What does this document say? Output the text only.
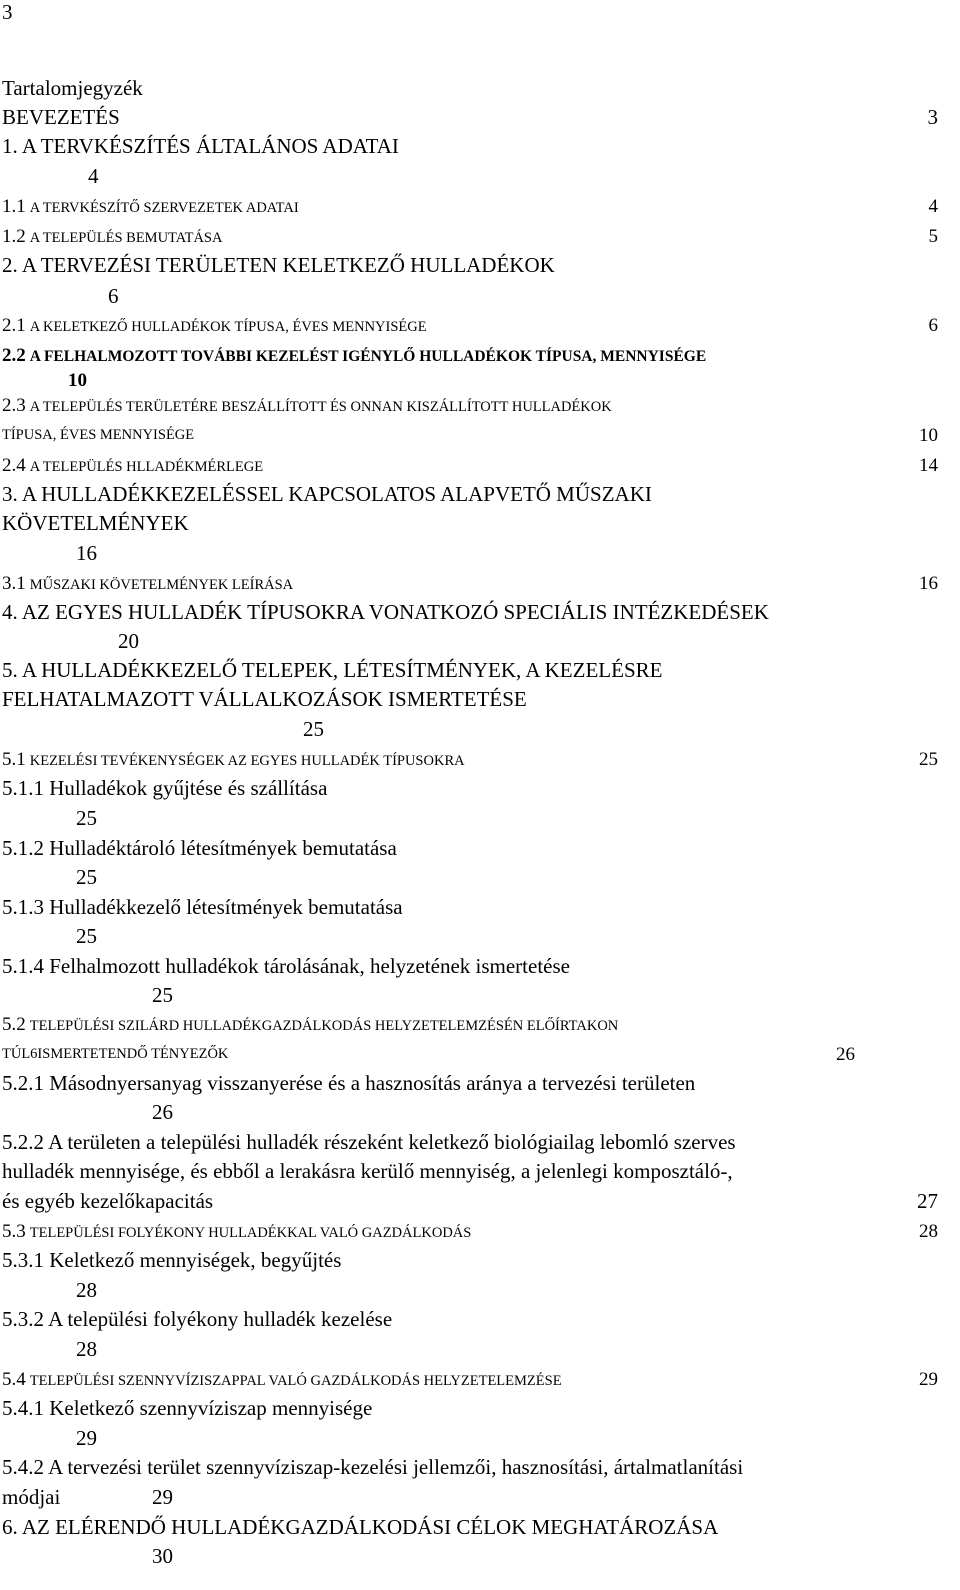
3
Tartalomjegyzék
BEVEZETÉS	3
1. A TERVKÉSZÍTÉS ÁLTALÁNOS ADATAI
4
1.1 A TERVKÉSZÍTŐ SZERVEZETEK ADATAI	4
1.2 A TELEPÜLÉS BEMUTATÁSA	5
2. A TERVEZÉSI TERÜLETEN KELETKEZŐ HULLADÉKOK
6
2.1 A KELETKEZŐ HULLADÉKOK TÍPUSA, ÉVES MENNYISÉGE	6
2.2 A FELHALMOZOTT TOVÁBBI KEZELÉST IGÉNYLŐ HULLADÉKOK TÍPUSA, MENNYISÉGE
10
2.3 A TELEPÜLÉS TERÜLETÉRE BESZÁLLÍTOTT ÉS ONNAN KISZÁLLÍTOTT HULLADÉKOK
TÍPUSA, ÉVES MENNYISÉGE	10
2.4 A TELEPÜLÉS HLLADÉKMÉRLEGE	14
3. A HULLADÉKKEZELÉSSEL KAPCSOLATOS ALAPVETŐ MŰSZAKI
KÖVETELMÉNYEK
16
3.1 MŰSZAKI KÖVETELMÉNYEK LEÍRÁSA	16
4. AZ EGYES HULLADÉK TÍPUSOKRA VONATKOZÓ SPECIÁLIS INTÉZKEDÉSEK
20
5. A HULLADÉKKEZELŐ TELEPEK, LÉTESÍTMÉNYEK, A KEZELÉSRE
FELHATALMAZOTT VÁLLALKOZÁSOK ISMERTETÉSE
25
5.1 KEZELÉSI TEVÉKENYSÉGEK AZ EGYES HULLADÉK TÍPUSOKRA	25
5.1.1 Hulladékok gyűjtése és szállítása
25
5.1.2 Hulladéktároló létesítmények bemutatása
25
5.1.3 Hulladékkezelő létesítmények bemutatása
25
5.1.4 Felhalmozott hulladékok tárolásának, helyzetének ismertetése
25
5.2 TELEPÜLÉSI SZILÁRD HULLADÉKGAZDÁLKODÁS HELYZETELEMZÉSÉN ELŐÍRTAKON
TÚL6ISMERTETENDŐ TÉNYEZŐK	26
5.2.1 Másodnyersanyag visszanyerése és a hasznosítás aránya a tervezési területen
26
5.2.2 A területen a települési hulladék részeként keletkező biológiailag lebomló szerves
hulladék mennyisége, és ebből a lerakásra kerülő mennyiség, a jelenlegi komposztáló-,
és egyéb kezelőkapacitás	27
5.3 TELEPÜLÉSI FOLYÉKONY HULLADÉKKAL VALÓ GAZDÁLKODÁS	28
5.3.1 Keletkező mennyiségek, begyűjtés
28
5.3.2 A települési folyékony hulladék kezelése
28
5.4 TELEPÜLÉSI SZENNYVÍZISZAPPAL VALÓ GAZDÁLKODÁS HELYZETELEMZÉSE	29
5.4.1 Keletkező szennyvíziszap mennyisége
29
5.4.2 A tervezési terület szennyvíziszap-kezelési jellemzői, hasznosítási, ártalmatlanítási
módjai	29
6. AZ ELÉRENDŐ HULLADÉKGAZDÁLKODÁSI CÉLOK MEGHATÁROZÁSA
30
